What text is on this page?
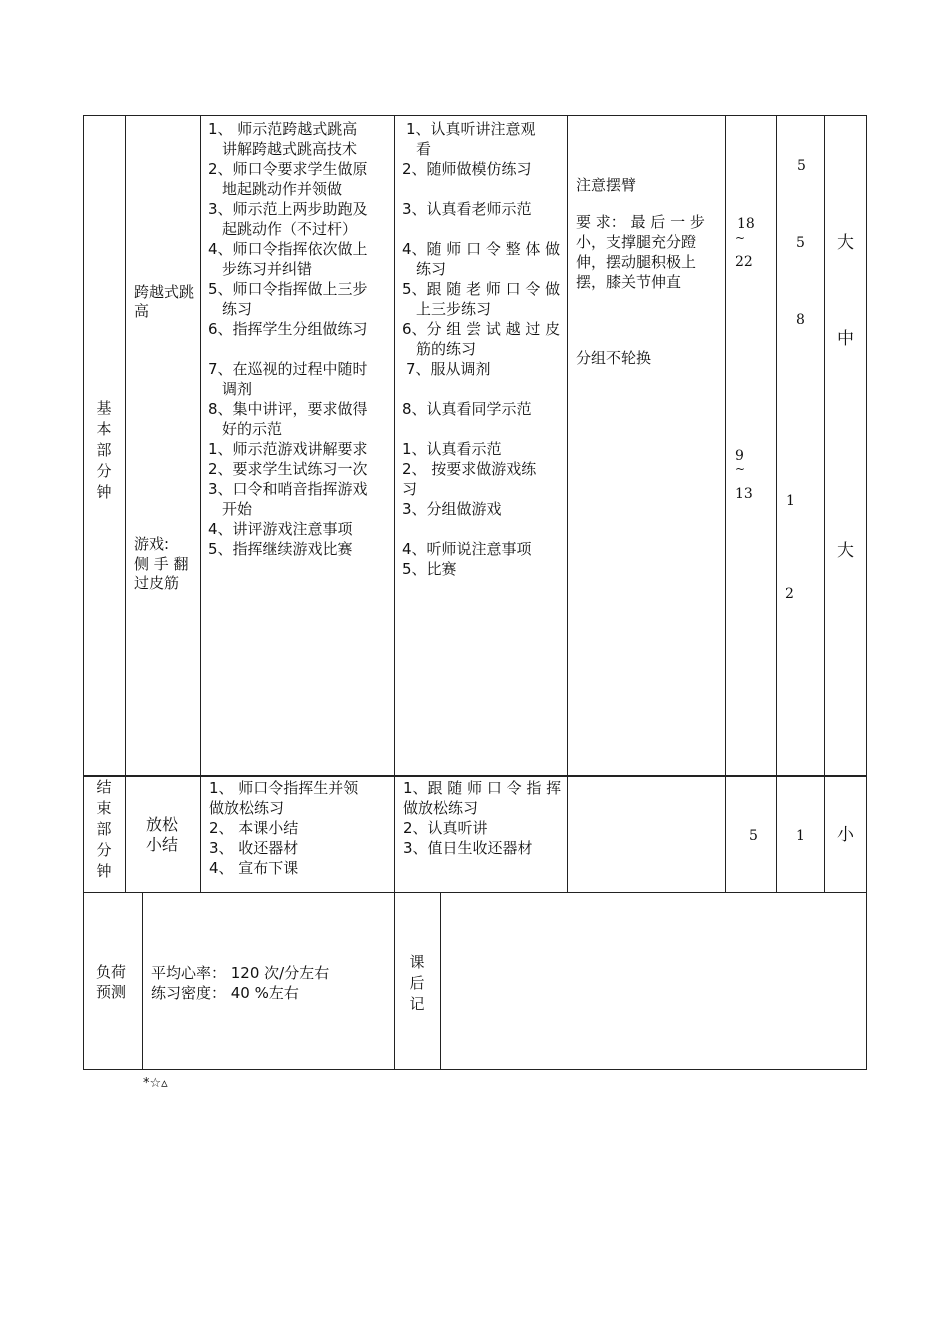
基本部分钟
跨越式跳高
游戏:
侧 手 翻
过皮筋
1、 师示范跨越式跳高
讲解跨越式跳高技术
2、师口令要求学生做原
地起跳动作并领做
3、师示范上两步助跑及
起跳动作（不过杆）
4、师口令指挥依次做上
步练习并纠错
5、师口令指挥做上三步
练习
6、指挥学生分组做练习
7、在巡视的过程中随时
调剂
8、集中讲评，要求做得
好的示范
1、师示范游戏讲解要求
2、要求学生试练习一次
3、口令和哨音指挥游戏
开始
4、讲评游戏注意事项
5、指挥继续游戏比赛
1、认真听讲注意观
看
2、随师做模仿练习
3、认真看老师示范
4、随 师 口 令 整 体 做
练习
5、跟 随 老 师 口 令 做
上三步练习
6、分 组 尝 试 越 过 皮
筋的练习
7、服从调剂
8、认真看同学示范
1、认真看示范
2、 按要求做游戏练
习
3、分组做游戏
4、听师说注意事项
5、比赛
注意摆臂
要 求： 最 后 一 步
小，支撑腿充分蹬
伸，摆动腿积极上
摆，膝关节伸直
分组不轮换
18
~
22
9
~
13
5
5
8
1
2
大
中
大
结束部分钟
放松
小结
1、 师口令指挥生并领
做放松练习
2、 本课小结
3、 收还器材
4、 宣布下课
1、跟 随 师 口 令 指 挥
做放松练习
2、认真听讲
3、值日生收还器材
5	1 小
负荷
预测
平均心率： 120 次/分左右
练习密度： 40 %左右
课后记
*☆▵
